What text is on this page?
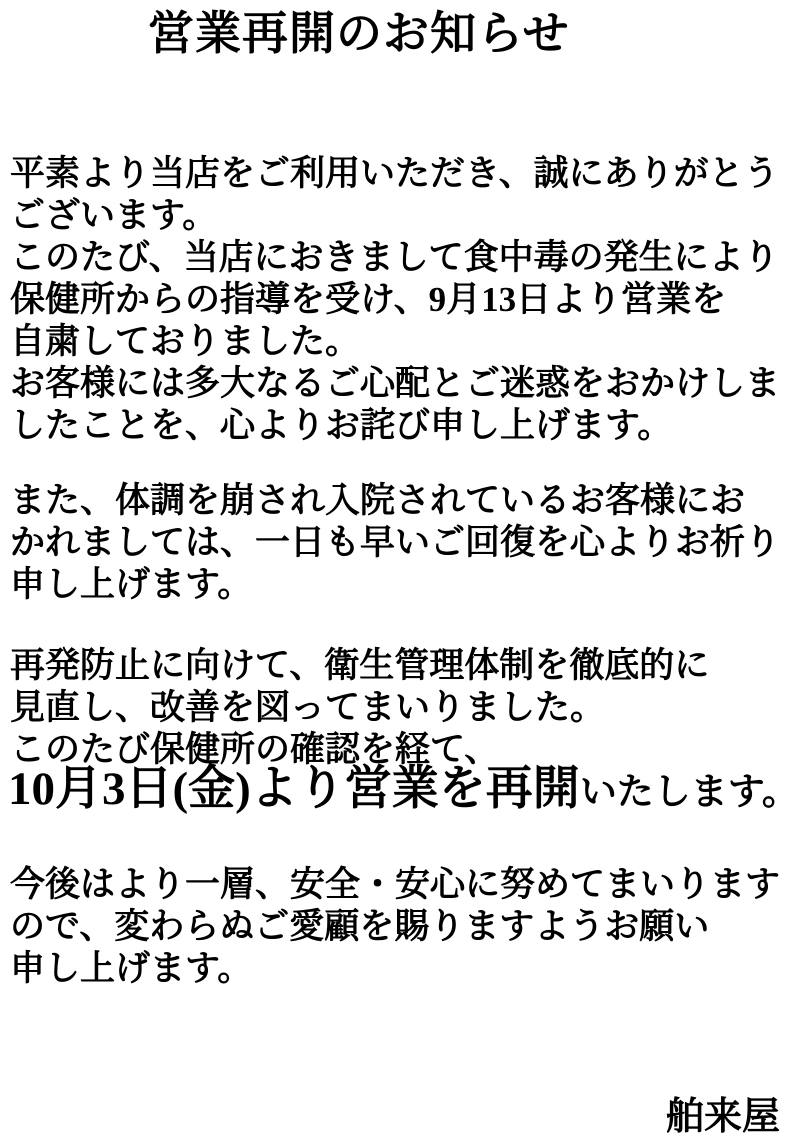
営業再開のお知らせ
平素より当店をご利用いただき、誠にありがとう
ございます。
このたび、当店におきまして食中毒の発生により
保健所からの指導を受け、9月13日より営業を
自粛しておりました。
お客様には多大なるご心配とご迷惑をおかけしま
したことを、心よりお詫び申し上げます。
また、体調を崩され入院されているお客様にお
かれましては、一日も早いご回復を心よりお祈り
申し上げます。
再発防止に向けて、衛生管理体制を徹底的に
見直し、改善を図ってまいりました。
このたび保健所の確認を経て、
10月3日(金)より営業を再開いたします。
今後はより一層、安全・安心に努めてまいります
ので、変わらぬご愛顧を賜りますようお願い
申し上げます。
舶来屋
